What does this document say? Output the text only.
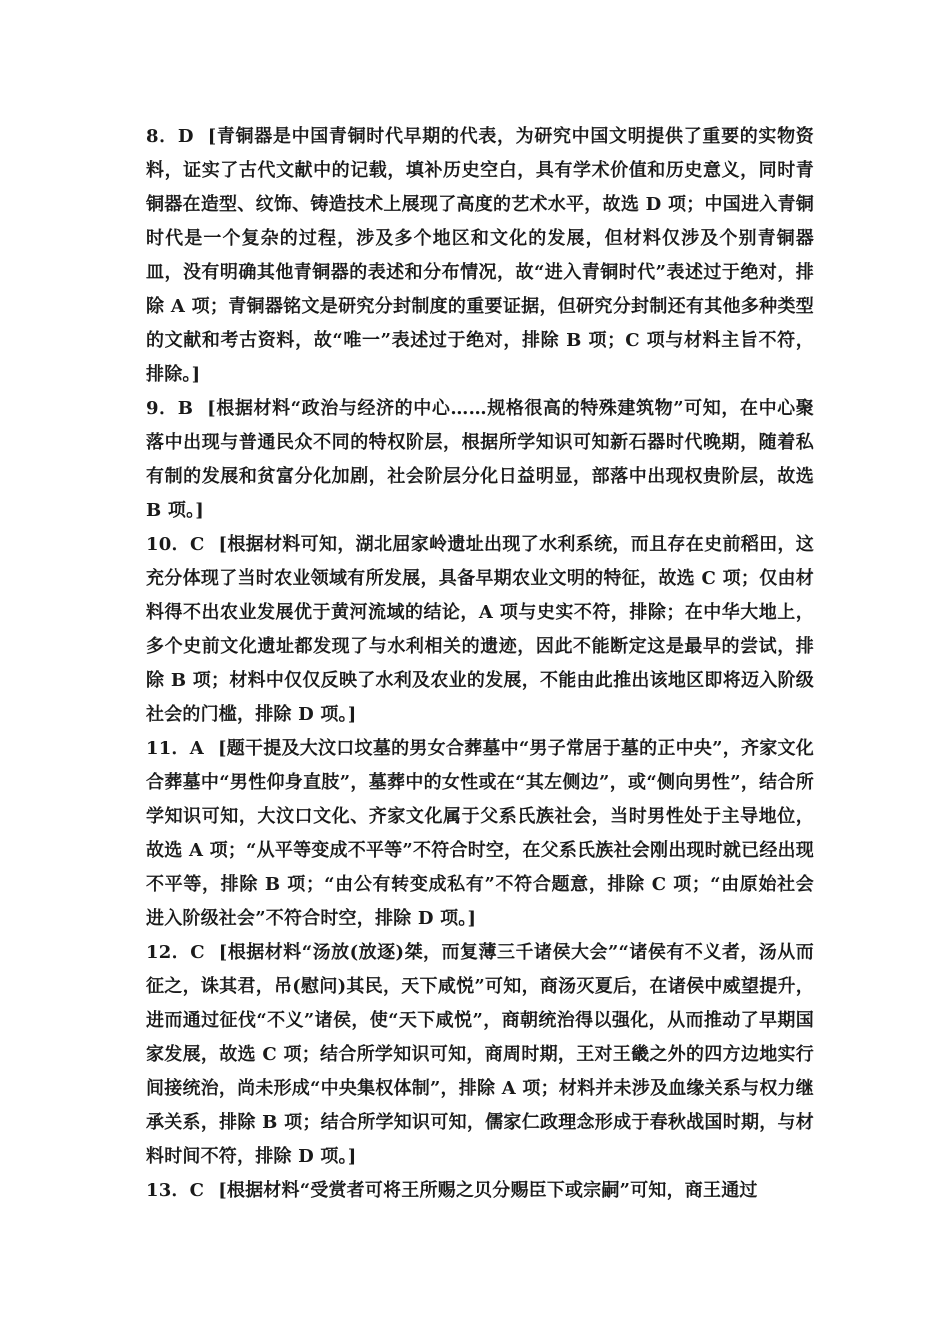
8．D [青铜器是中国青铜时代早期的代表，为研究中国文明提供了重要的实物资料，证实了古代文献中的记载，填补历史空白，具有学术价值和历史意义，同时青铜器在造型、纹饰、铸造技术上展现了高度的艺术水平，故选 D 项；中国进入青铜时代是一个复杂的过程，涉及多个地区和文化的发展，但材料仅涉及个别青铜器皿，没有明确其他青铜器的表述和分布情况，故“进入青铜时代”表述过于绝对，排除 A 项；青铜器铭文是研究分封制度的重要证据，但研究分封制还有其他多种类型的文献和考古资料，故“唯一”表述过于绝对，排除 B 项；C 项与材料主旨不符，排除。]

9．B [根据材料“政治与经济的中心……规格很高的特殊建筑物”可知，在中心聚落中出现与普通民众不同的特权阶层，根据所学知识可知新石器时代晚期，随着私有制的发展和贫富分化加剧，社会阶层分化日益明显，部落中出现权贵阶层，故选 B 项。]

10．C [根据材料可知，湖北屈家岭遗址出现了水利系统，而且存在史前稻田，这充分体现了当时农业领域有所发展，具备早期农业文明的特征，故选 C 项；仅由材料得不出农业发展优于黄河流域的结论，A 项与史实不符，排除；在中华大地上，多个史前文化遗址都发现了与水利相关的遗迹，因此不能断定这是最早的尝试，排除 B 项；材料中仅仅反映了水利及农业的发展，不能由此推出该地区即将迈入阶级社会的门槛，排除 D 项。]

11．A [题干提及大汶口坟墓的男女合葬墓中“男子常居于墓的正中央”，齐家文化合葬墓中“男性仰身直肢”，墓葬中的女性或在“其左侧边”，或“侧向男性”，结合所学知识可知，大汶口文化、齐家文化属于父系氏族社会，当时男性处于主导地位，故选 A 项；“从平等变成不平等”不符合时空，在父系氏族社会刚出现时就已经出现不平等，排除 B 项；“由公有转变成私有”不符合题意，排除 C 项；“由原始社会进入阶级社会”不符合时空，排除 D 项。]

12．C [根据材料“汤放(放逐)桀，而复薄三千诸侯大会”“诸侯有不义者，汤从而征之，诛其君，吊(慰问)其民，天下咸悦”可知，商汤灭夏后，在诸侯中威望提升，进而通过征伐“不义”诸侯，使“天下咸悦”，商朝统治得以强化，从而推动了早期国家发展，故选 C 项；结合所学知识可知，商周时期，王对王畿之外的四方边地实行间接统治，尚未形成“中央集权体制”，排除 A 项；材料并未涉及血缘关系与权力继承关系，排除 B 项；结合所学知识可知，儒家仁政理念形成于春秋战国时期，与材料时间不符，排除 D 项。]

13．C [根据材料“受赏者可将王所赐之贝分赐臣下或宗嗣”可知，商王通过
